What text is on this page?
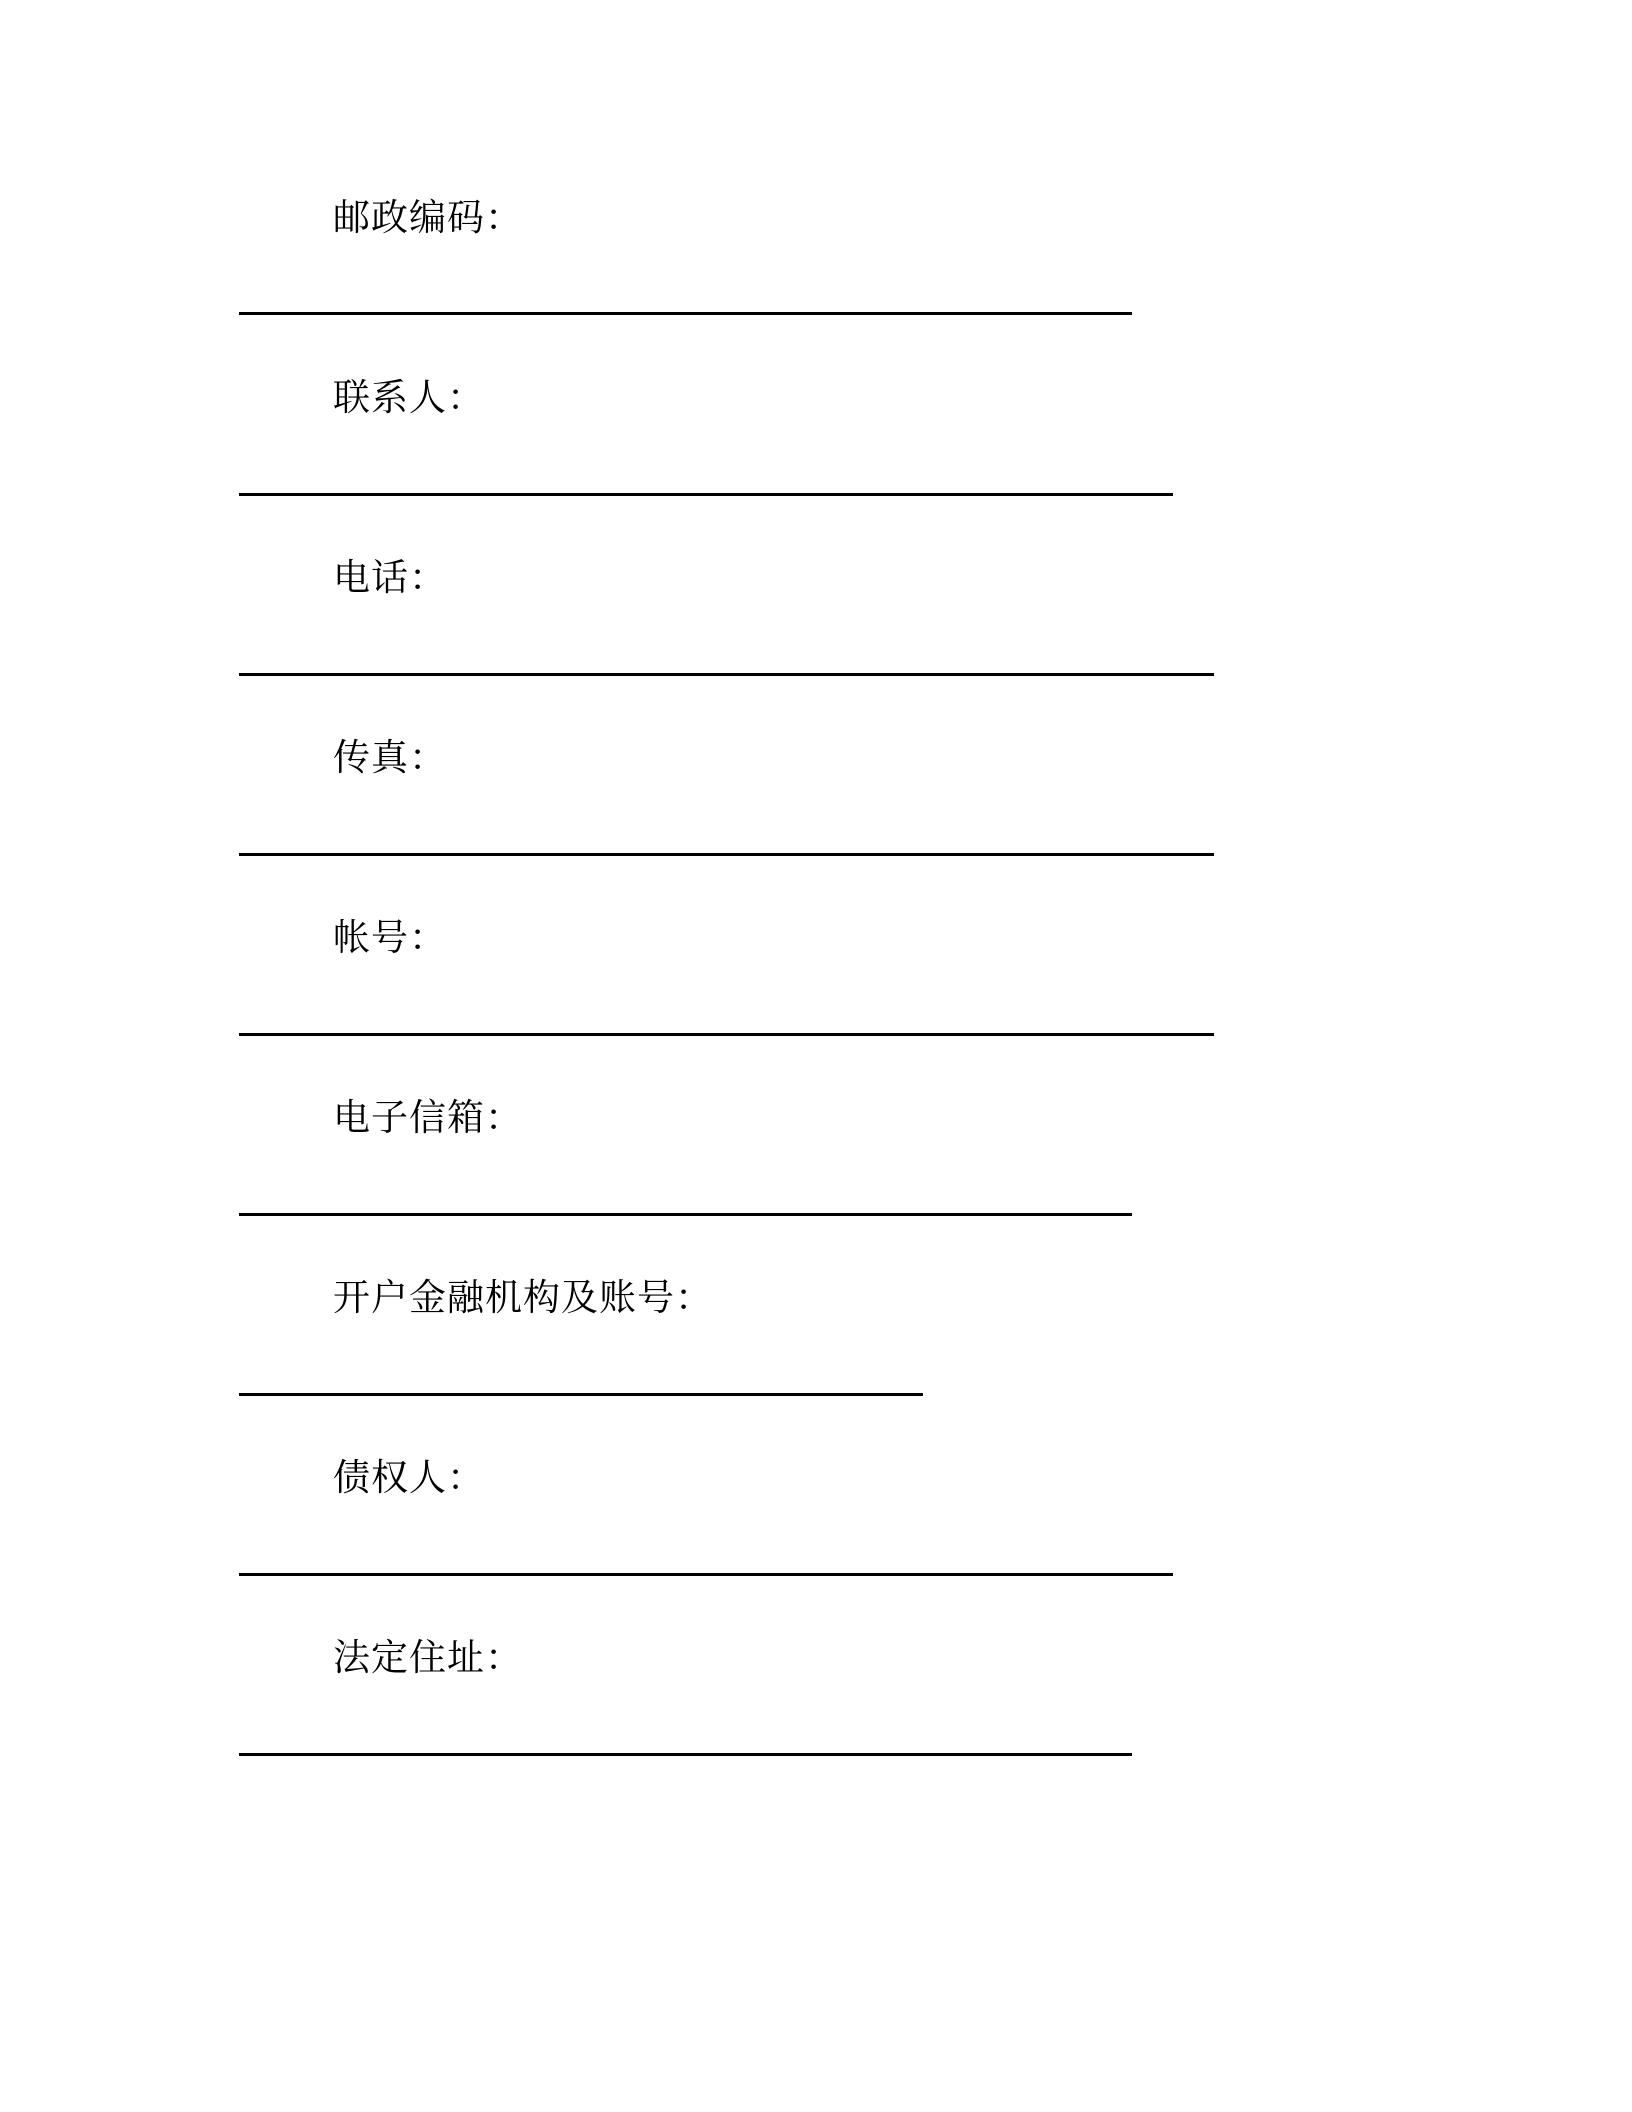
邮政编码：
联系人：
电话：
传真：
帐号：
电子信箱：
开户金融机构及账号：
债权人：
法定住址：
